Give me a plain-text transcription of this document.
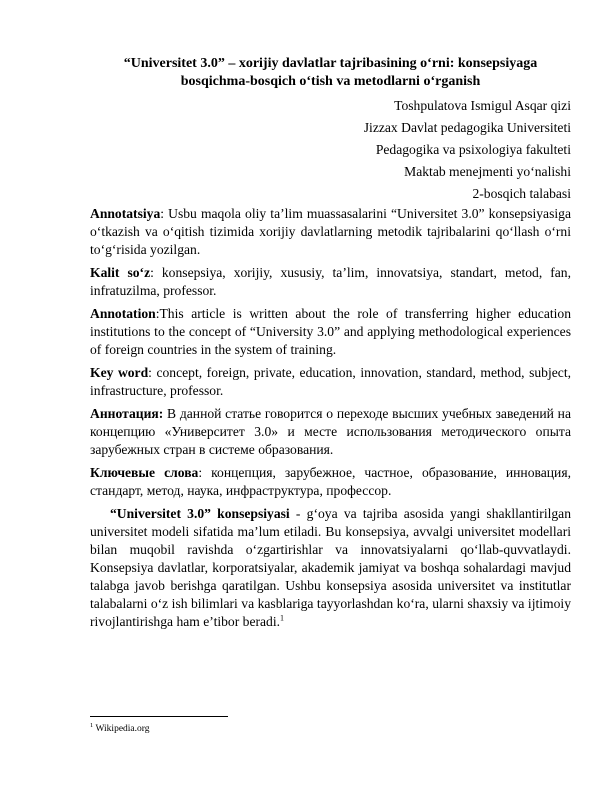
“Universitet 3.0” – xorijiy davlatlar tajribasining o‘rni: konsepsiyaga
bosqichma-bosqich o‘tish va metodlarni o‘rganish
Toshpulatova Ismigul Asqar qizi
Jizzax Davlat pedagogika Universiteti
Pedagogika va psixologiya fakulteti
Maktab menejmenti yo‘nalishi
2-bosqich talabasi

Annotatsiya: Usbu maqola oliy ta’lim muassasalarini “Universitet 3.0” konsepsiyasiga o‘tkazish va o‘qitish tizimida xorijiy davlatlarning metodik tajribalarini qo‘llash o‘rni to‘g‘risida yozilgan.

Kalit so‘z: konsepsiya, xorijiy, xususiy, ta’lim, innovatsiya, standart, metod, fan, infratuzilma, professor.

Annotation:This article is written about the role of transferring higher education institutions to the concept of “University 3.0” and applying methodological experiences of foreign countries in the system of training.

Key word: concept, foreign, private, education, innovation, standard, method, subject, infrastructure, professor.

Аннотация: В данной статье говорится о переходе высших учебных заведений на концепцию «Университет 3.0» и месте использования методического опыта зарубежных стран в системе образования.

Ключевые слова: концепция, зарубежное, частное, образование, инновация, стандарт, метод, наука, инфраструктура, профессор.

“Universitet 3.0” konsepsiyasi - g‘oya va tajriba asosida yangi shakllantirilgan universitet modeli sifatida ma’lum etiladi. Bu konsepsiya, avvalgi universitet modellari bilan muqobil ravishda o‘zgartirishlar va innovatsiyalarni qo‘llab-quvvatlaydi. Konsepsiya davlatlar, korporatsiyalar, akademik jamiyat va boshqa sohalardagi mavjud talabga javob berishga qaratilgan. Ushbu konsepsiya asosida universitet va institutlar talabalarni o‘z ish bilimlari va kasblariga tayyorlashdan ko‘ra, ularni shaxsiy va ijtimoiy rivojlantirishga ham e’tibor beradi.$^1$

$^1$ Wikipedia.org
